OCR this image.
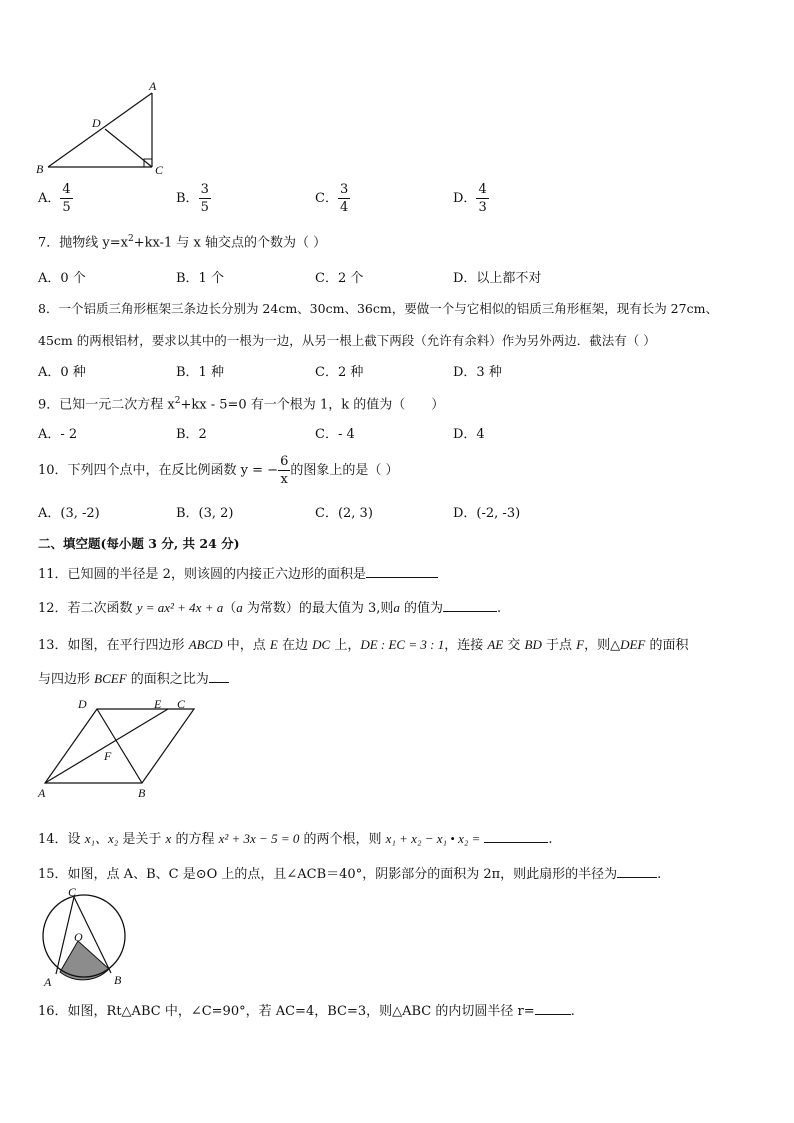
A
D
B	C
A． $\frac{4}{5}$	B． $\frac{3}{5}$	C． $\frac{3}{4}$	D． $\frac{4}{3}$
7．抛物线 $y=x^2+kx-1$ 与 x 轴交点的个数为（ ）
A．0 个	B．1 个	C．2 个	D．以上都不对
8．一个铝质三角形框架三条边长分别为 24cm、30cm、36cm，要做一个与它相似的铝质三角形框架，现有长为 27cm、
45cm 的两根铝材，要求以其中的一根为一边，从另一根上截下两段（允许有余料）作为另外两边．截法有（ ）
A．0 种	B．1 种	C．2 种	D．3 种
9．已知一元二次方程 $x^2+kx - 5=0$ 有一个根为 1，k 的值为（　　）
A．- 2	B．2	C．- 4	D．4
10．下列四个点中，在反比例函数 y = − $\frac{6}{x}$ 的图象上的是（ ）
A．(3, -2)	B．(3, 2)	C．(2, 3)	D．(-2, -3)
二、填空题(每小题 3 分, 共 24 分)
11．已知圆的半径是 2，则该圆的内接正六边形的面积是
12．若二次函数 y = ax² + 4x + a（a 为常数）的最大值为 3,则a 的值为	.
13．如图，在平行四边形 ABCD 中，点 E 在边 DC 上，DE : EC = 3 : 1，连接 AE 交 BD 于点 F，则△DEF 的面积
与四边形 BCEF 的面积之比为
D	E C
F
A	B
14．设 x₁、x₂ 是关于 x 的方程 x² + 3x − 5 = 0 的两个根，则 x₁ + x₂ − x₁ • x₂ =	.
15．如图，点 A、B、C 是⊙O 上的点，且∠ACB＝40°，阴影部分的面积为 2π，则此扇形的半径为	.
C
O
A	B
16．如图，Rt△ABC 中，∠C=90°，若 AC=4，BC=3，则△ABC 的内切圆半径 r=	.
